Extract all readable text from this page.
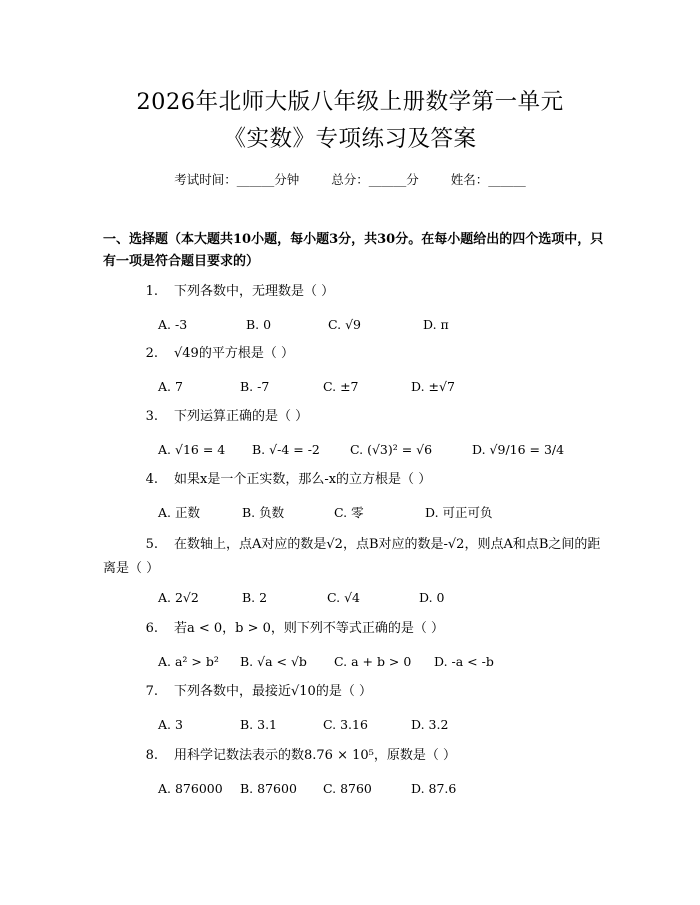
2026年北师大版八年级上册数学第一单元
《实数》专项练习及答案
考试时间：______分钟	总分：______分	姓名：______
一、选择题（本大题共10小题，每小题3分，共30分。在每小题给出的四个选项中，只有一项是符合题目要求的）
1. 下列各数中，无理数是（ ）
A. -3	B. 0	C. √9	D. π
2. √49的平方根是（ ）
A. 7	B. -7	C. ±7	D. ±√7
3. 下列运算正确的是（ ）
A. √16 = 4 B. √-4 = -2 C. (√3)² = √6	D. √9/16 = 3/4
4. 如果x是一个正实数，那么-x的立方根是（ ）
A. 正数	B. 负数	C. 零	D. 可正可负
5. 在数轴上，点A对应的数是√2，点B对应的数是-√2，则点A和点B之间的距离是（ ）
A. 2√2	B. 2	C. √4	D. 0
6. 若a < 0，b > 0，则下列不等式正确的是（ ）
A. a² > b² B. √a < √b C. a + b > 0 D. -a < -b
7. 下列各数中，最接近√10的是（ ）
A. 3	B. 3.1	C. 3.16	D. 3.2
8. 用科学记数法表示的数8.76 × 10⁵，原数是（ ）
A. 876000 B. 87600 C. 8760	D. 87.6
